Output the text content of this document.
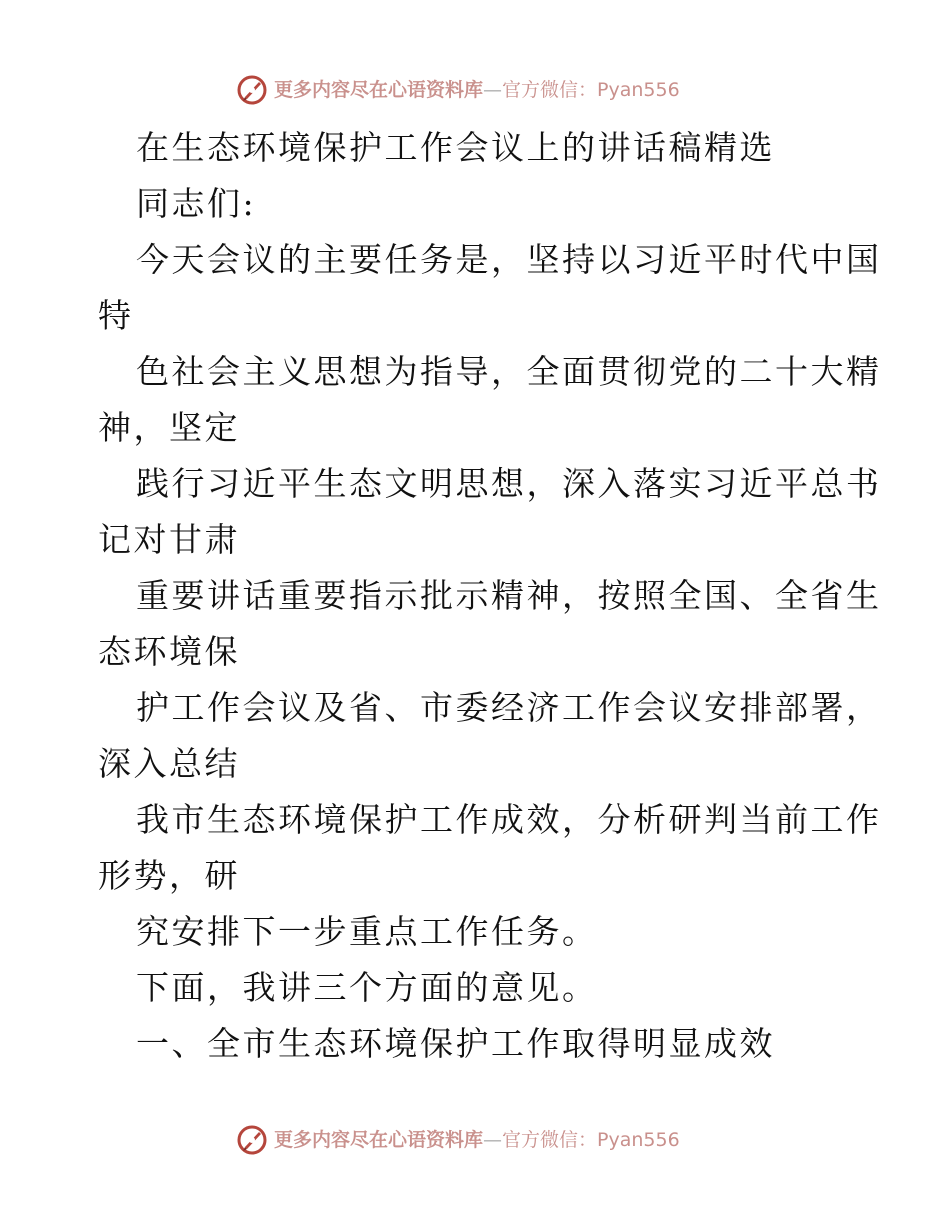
更多内容尽在心语资料库 — 官方微信：Pyan556
在生态环境保护工作会议上的讲话稿精选
同志们:
今天会议的主要任务是，坚持以习近平时代中国
特
色社会主义思想为指导，全面贯彻党的二十大精
神，坚定
践行习近平生态文明思想，深入落实习近平总书
记对甘肃
重要讲话重要指示批示精神，按照全国、全省生
态环境保
护工作会议及省、市委经济工作会议安排部署，
深入总结
我市生态环境保护工作成效，分析研判当前工作
形势，研
究安排下一步重点工作任务。
下面，我讲三个方面的意见。
一、全市生态环境保护工作取得明显成效
更多内容尽在心语资料库 — 官方微信：Pyan556
